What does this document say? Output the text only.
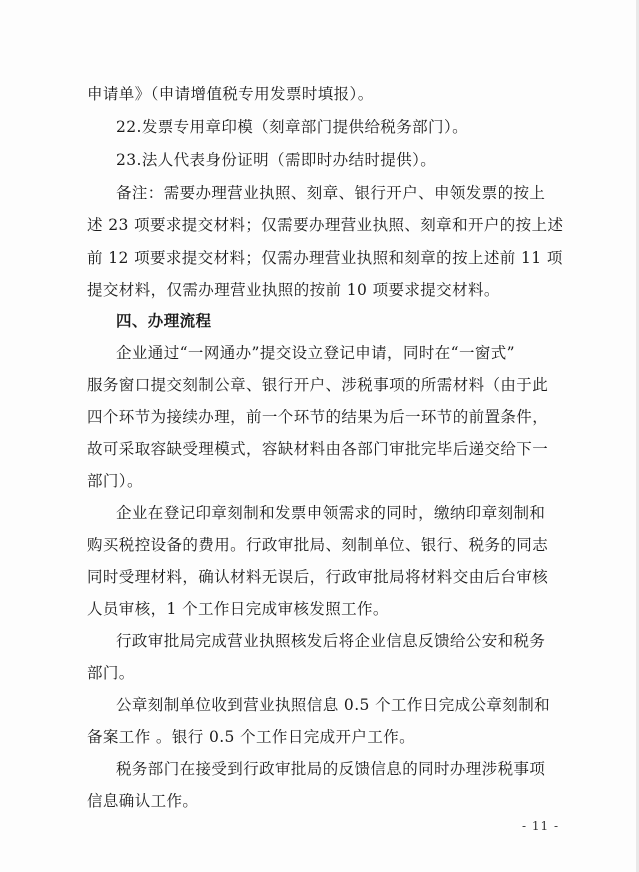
申请单》（申请增值税专用发票时填报）。

22.发票专用章印模（刻章部门提供给税务部门）。

23.法人代表身份证明（需即时办结时提供）。

备注：需要办理营业执照、刻章、银行开户、申领发票的按上

述 23 项要求提交材料；仅需要办理营业执照、刻章和开户的按上述

前 12 项要求提交材料；仅需办理营业执照和刻章的按上述前 11 项

提交材料，仅需办理营业执照的按前 10 项要求提交材料。

四、办理流程

企业通过“一网通办”提交设立登记申请，同时在“一窗式”

服务窗口提交刻制公章、银行开户、涉税事项的所需材料（由于此

四个环节为接续办理，前一个环节的结果为后一环节的前置条件，

故可采取容缺受理模式，容缺材料由各部门审批完毕后递交给下一

部门）。

企业在登记印章刻制和发票申领需求的同时，缴纳印章刻制和

购买税控设备的费用。行政审批局、刻制单位、银行、税务的同志

同时受理材料，确认材料无误后，行政审批局将材料交由后台审核

人员审核，1 个工作日完成审核发照工作。

行政审批局完成营业执照核发后将企业信息反馈给公安和税务

部门。

公章刻制单位收到营业执照信息 0.5 个工作日完成公章刻制和

备案工作 。银行 0.5 个工作日完成开户工作。

税务部门在接受到行政审批局的反馈信息的同时办理涉税事项

信息确认工作。

- 11 -
